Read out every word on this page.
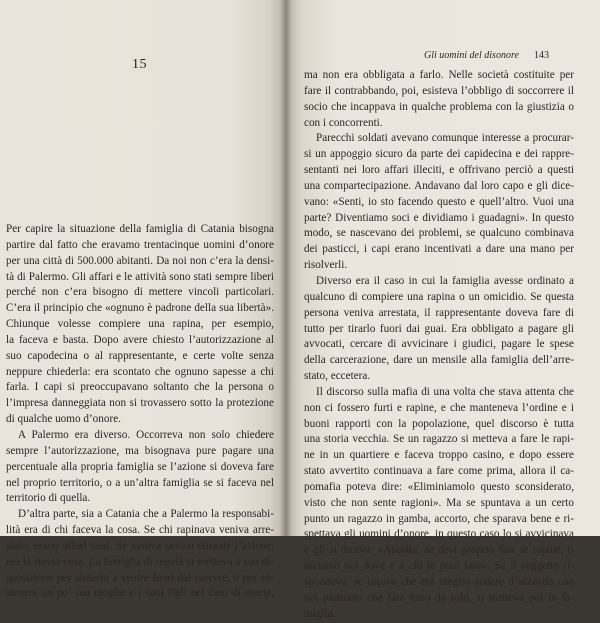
15
Per capire la situazione della famiglia di Catania bisogna
partire dal fatto che eravamo trentacinque uomini d’onore
per una città di 500.000 abitanti. Da noi non c’era la densi-
tà di Palermo. Gli affari e le attività sono stati sempre liberi
perché non c’era bisogno di mettere vincoli particolari.
C’era il principio che «ognuno è padrone della sua libertà».
Chiunque volesse compiere una rapina, per esempio,
la faceva e basta. Dopo avere chiesto l’autorizzazione al
suo capodecina o al rappresentante, e certe volte senza
neppure chiederla: era scontato che ognuno sapesse a chi
farla. I capi si preoccupavano soltanto che la persona o
l’impresa danneggiata non si trovassero sotto la protezione
di qualche uomo d’onore.
A Palermo era diverso. Occorreva non solo chiedere
sempre l’autorizzazione, ma bisognava pure pagare una
percentuale alla propria famiglia se l’azione si doveva fare
nel proprio territorio, o a un’altra famiglia se si faceva nel
territorio di quella.
D’altra parte, sia a Catania che a Palermo la responsabi-
lità era di chi faceva la cosa. Se chi rapinava veniva arre-
stato, erano affari suoi. Se veniva ucciso durante l’azione,
era la stessa cosa. La famiglia di regola si metteva a sua di-
sposizione per aiutarlo a venire fuori dal carcere, o per so-
stenere un po’ sua moglie e i suoi figli nel caso di morte,
Gli uomini del disonore 143
ma non era obbligata a farlo. Nelle società costituite per
fare il contrabbando, poi, esisteva l’obbligo di soccorrere il
socio che incappava in qualche problema con la giustizia o
con i concorrenti.
Parecchi soldati avevano comunque interesse a procurar-
si un appoggio sicuro da parte dei capidecina e dei rappre-
sentanti nei loro affari illeciti, e offrivano perciò a questi
una compartecipazione. Andavano dal loro capo e gli dice-
vano: «Senti, io sto facendo questo e quell’altro. Vuoi una
parte? Diventiamo soci e dividiamo i guadagni». In questo
modo, se nascevano dei problemi, se qualcuno combinava
dei pasticci, i capi erano incentivati a dare una mano per
risolverli.
Diverso era il caso in cui la famiglia avesse ordinato a
qualcuno di compiere una rapina o un omicidio. Se questa
persona veniva arrestata, il rappresentante doveva fare di
tutto per tirarlo fuori dai guai. Era obbligato a pagare gli
avvocati, cercare di avvicinare i giudici, pagare le spese
della carcerazione, dare un mensile alla famiglia dell’arre-
stato, eccetera.
Il discorso sulla mafia di una volta che stava attenta che
non ci fossero furti e rapine, e che manteneva l’ordine e i
buoni rapporti con la popolazione, quel discorso è tutta
una storia vecchia. Se un ragazzo si metteva a fare le rapi-
ne in un quartiere e faceva troppo casino, e dopo essere
stato avvertito continuava a fare come prima, allora il ca-
pomafia poteva dire: «Eliminiamolo questo sconsiderato,
visto che non sente ragioni». Ma se spuntava a un certo
punto un ragazzo in gamba, accorto, che sparava bene e ri-
spettava gli uomini d’onore, in questo caso lo si avvicinava
e gli si diceva: «Ascolta, se devi proprio fare le rapine, ti
diciamo noi dove e a chi le puoi fare». Se il soggetto ri-
spondeva, se capiva che era meglio andare d’accordo con
noi piuttosto che fare tutto da solo, si metteva poi in fa-
miglia.
